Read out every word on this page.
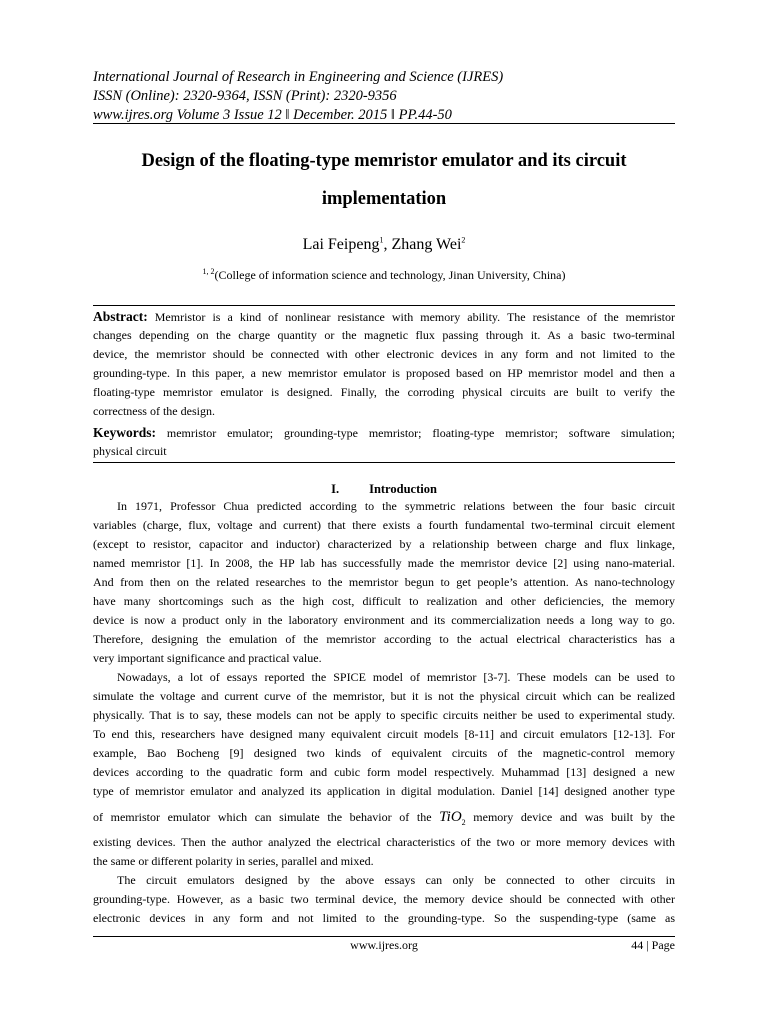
International Journal of Research in Engineering and Science (IJRES)
ISSN (Online): 2320-9364, ISSN (Print): 2320-9356
www.ijres.org Volume 3 Issue 12 ǁ December. 2015 ǁ PP.44-50
Design of the floating-type memristor emulator and its circuit
implementation
Lai Feipeng$^1$, Zhang Wei$^2$
$^{1, 2}$(College of information science and technology, Jinan University, China)
Abstract: Memristor is a kind of nonlinear resistance with memory ability. The resistance of the memristor
changes depending on the charge quantity or the magnetic flux passing through it. As a basic two-terminal
device, the memristor should be connected with other electronic devices in any form and not limited to the
grounding-type. In this paper, a new memristor emulator is proposed based on HP memristor model and then a
floating-type memristor emulator is designed. Finally, the corroding physical circuits are built to verify the
correctness of the design.
Keywords: memristor emulator; grounding-type memristor; floating-type memristor; software simulation;
physical circuit
I. Introduction
In 1971, Professor Chua predicted according to the symmetric relations between the four basic circuit
variables (charge, flux, voltage and current) that there exists a fourth fundamental two-terminal circuit element
(except to resistor, capacitor and inductor) characterized by a relationship between charge and flux linkage,
named memristor [1]. In 2008, the HP lab has successfully made the memristor device [2] using nano-material.
And from then on the related researches to the memristor begun to get people’s attention. As nano-technology
have many shortcomings such as the high cost, difficult to realization and other deficiencies, the memory
device is now a product only in the laboratory environment and its commercialization needs a long way to go.
Therefore, designing the emulation of the memristor according to the actual electrical characteristics has a
very important significance and practical value.
Nowadays, a lot of essays reported the SPICE model of memristor [3-7]. These models can be used to
simulate the voltage and current curve of the memristor, but it is not the physical circuit which can be realized
physically. That is to say, these models can not be apply to specific circuits neither be used to experimental study.
To end this, researchers have designed many equivalent circuit models [8-11] and circuit emulators [12-13]. For
example, Bao Bocheng [9] designed two kinds of equivalent circuits of the magnetic-control memory
devices according to the quadratic form and cubic form model respectively. Muhammad [13] designed a new
type of memristor emulator and analyzed its application in digital modulation. Daniel [14] designed another type
of memristor emulator which can simulate the behavior of the TiO$_2$ memory device and was built by the
existing devices. Then the author analyzed the electrical characteristics of the two or more memory devices with
the same or different polarity in series, parallel and mixed.
The circuit emulators designed by the above essays can only be connected to other circuits in
grounding-type. However, as a basic two terminal device, the memory device should be connected with other
electronic devices in any form and not limited to the grounding-type. So the suspending-type (same as
www.ijres.org	44 | Page
